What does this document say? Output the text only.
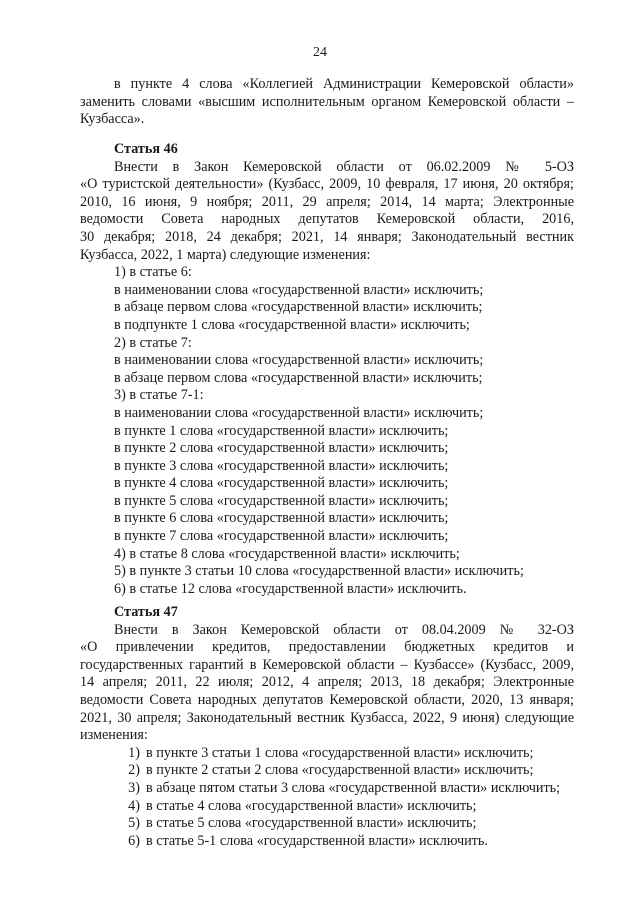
24
в пункте 4 слова «Коллегией Администрации Кемеровской области»
заменить словами «высшим исполнительным органом Кемеровской области –
Кузбасса».
Статья 46
Внести в Закон Кемеровской области от 06.02.2009 № 5-ОЗ
«О туристской деятельности» (Кузбасс, 2009, 10 февраля, 17 июня, 20 октября;
2010, 16 июня, 9 ноября; 2011, 29 апреля; 2014, 14 марта; Электронные
ведомости Совета народных депутатов Кемеровской области, 2016,
30 декабря; 2018, 24 декабря; 2021, 14 января; Законодательный вестник
Кузбасса, 2022, 1 марта) следующие изменения:
1) в статье 6:
в наименовании слова «государственной власти» исключить;
в абзаце первом слова «государственной власти» исключить;
в подпункте 1 слова «государственной власти» исключить;
2) в статье 7:
в наименовании слова «государственной власти» исключить;
в абзаце первом слова «государственной власти» исключить;
3) в статье 7-1:
в наименовании слова «государственной власти» исключить;
в пункте 1 слова «государственной власти» исключить;
в пункте 2 слова «государственной власти» исключить;
в пункте 3 слова «государственной власти» исключить;
в пункте 4 слова «государственной власти» исключить;
в пункте 5 слова «государственной власти» исключить;
в пункте 6 слова «государственной власти» исключить;
в пункте 7 слова «государственной власти» исключить;
4) в статье 8 слова «государственной власти» исключить;
5) в пункте 3 статьи 10 слова «государственной власти» исключить;
6) в статье 12 слова «государственной власти» исключить.
Статья 47
Внести в Закон Кемеровской области от 08.04.2009 № 32-ОЗ
«О привлечении кредитов, предоставлении бюджетных кредитов и
государственных гарантий в Кемеровской области – Кузбассе» (Кузбасс, 2009,
14 апреля; 2011, 22 июля; 2012, 4 апреля; 2013, 18 декабря; Электронные
ведомости Совета народных депутатов Кемеровской области, 2020, 13 января;
2021, 30 апреля; Законодательный вестник Кузбасса, 2022, 9 июня) следующие
изменения:
1) в пункте 3 статьи 1 слова «государственной власти» исключить;
2) в пункте 2 статьи 2 слова «государственной власти» исключить;
3) в абзаце пятом статьи 3 слова «государственной власти» исключить;
4) в статье 4 слова «государственной власти» исключить;
5) в статье 5 слова «государственной власти» исключить;
6) в статье 5-1 слова «государственной власти» исключить.
